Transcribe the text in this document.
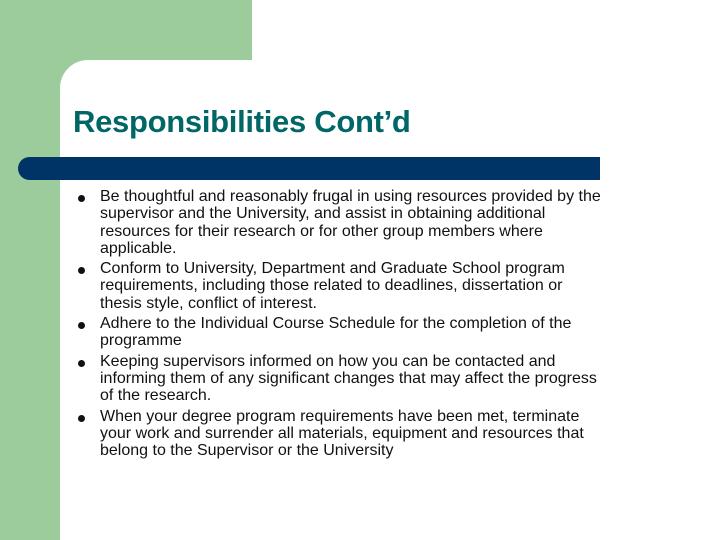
Responsibilities Cont’d
Be thoughtful and reasonably frugal in using resources provided by the
supervisor and the University, and assist in obtaining additional
resources for their research or for other group members where
applicable.
Conform to University, Department and Graduate School program
requirements, including those related to deadlines, dissertation or
thesis style, conflict of interest.
Adhere to the Individual Course Schedule for the completion of the
programme
Keeping supervisors informed on how you can be contacted and
informing them of any significant changes that may affect the progress
of the research.
When your degree program requirements have been met, terminate
your work and surrender all materials, equipment and resources that
belong to the Supervisor or the University
